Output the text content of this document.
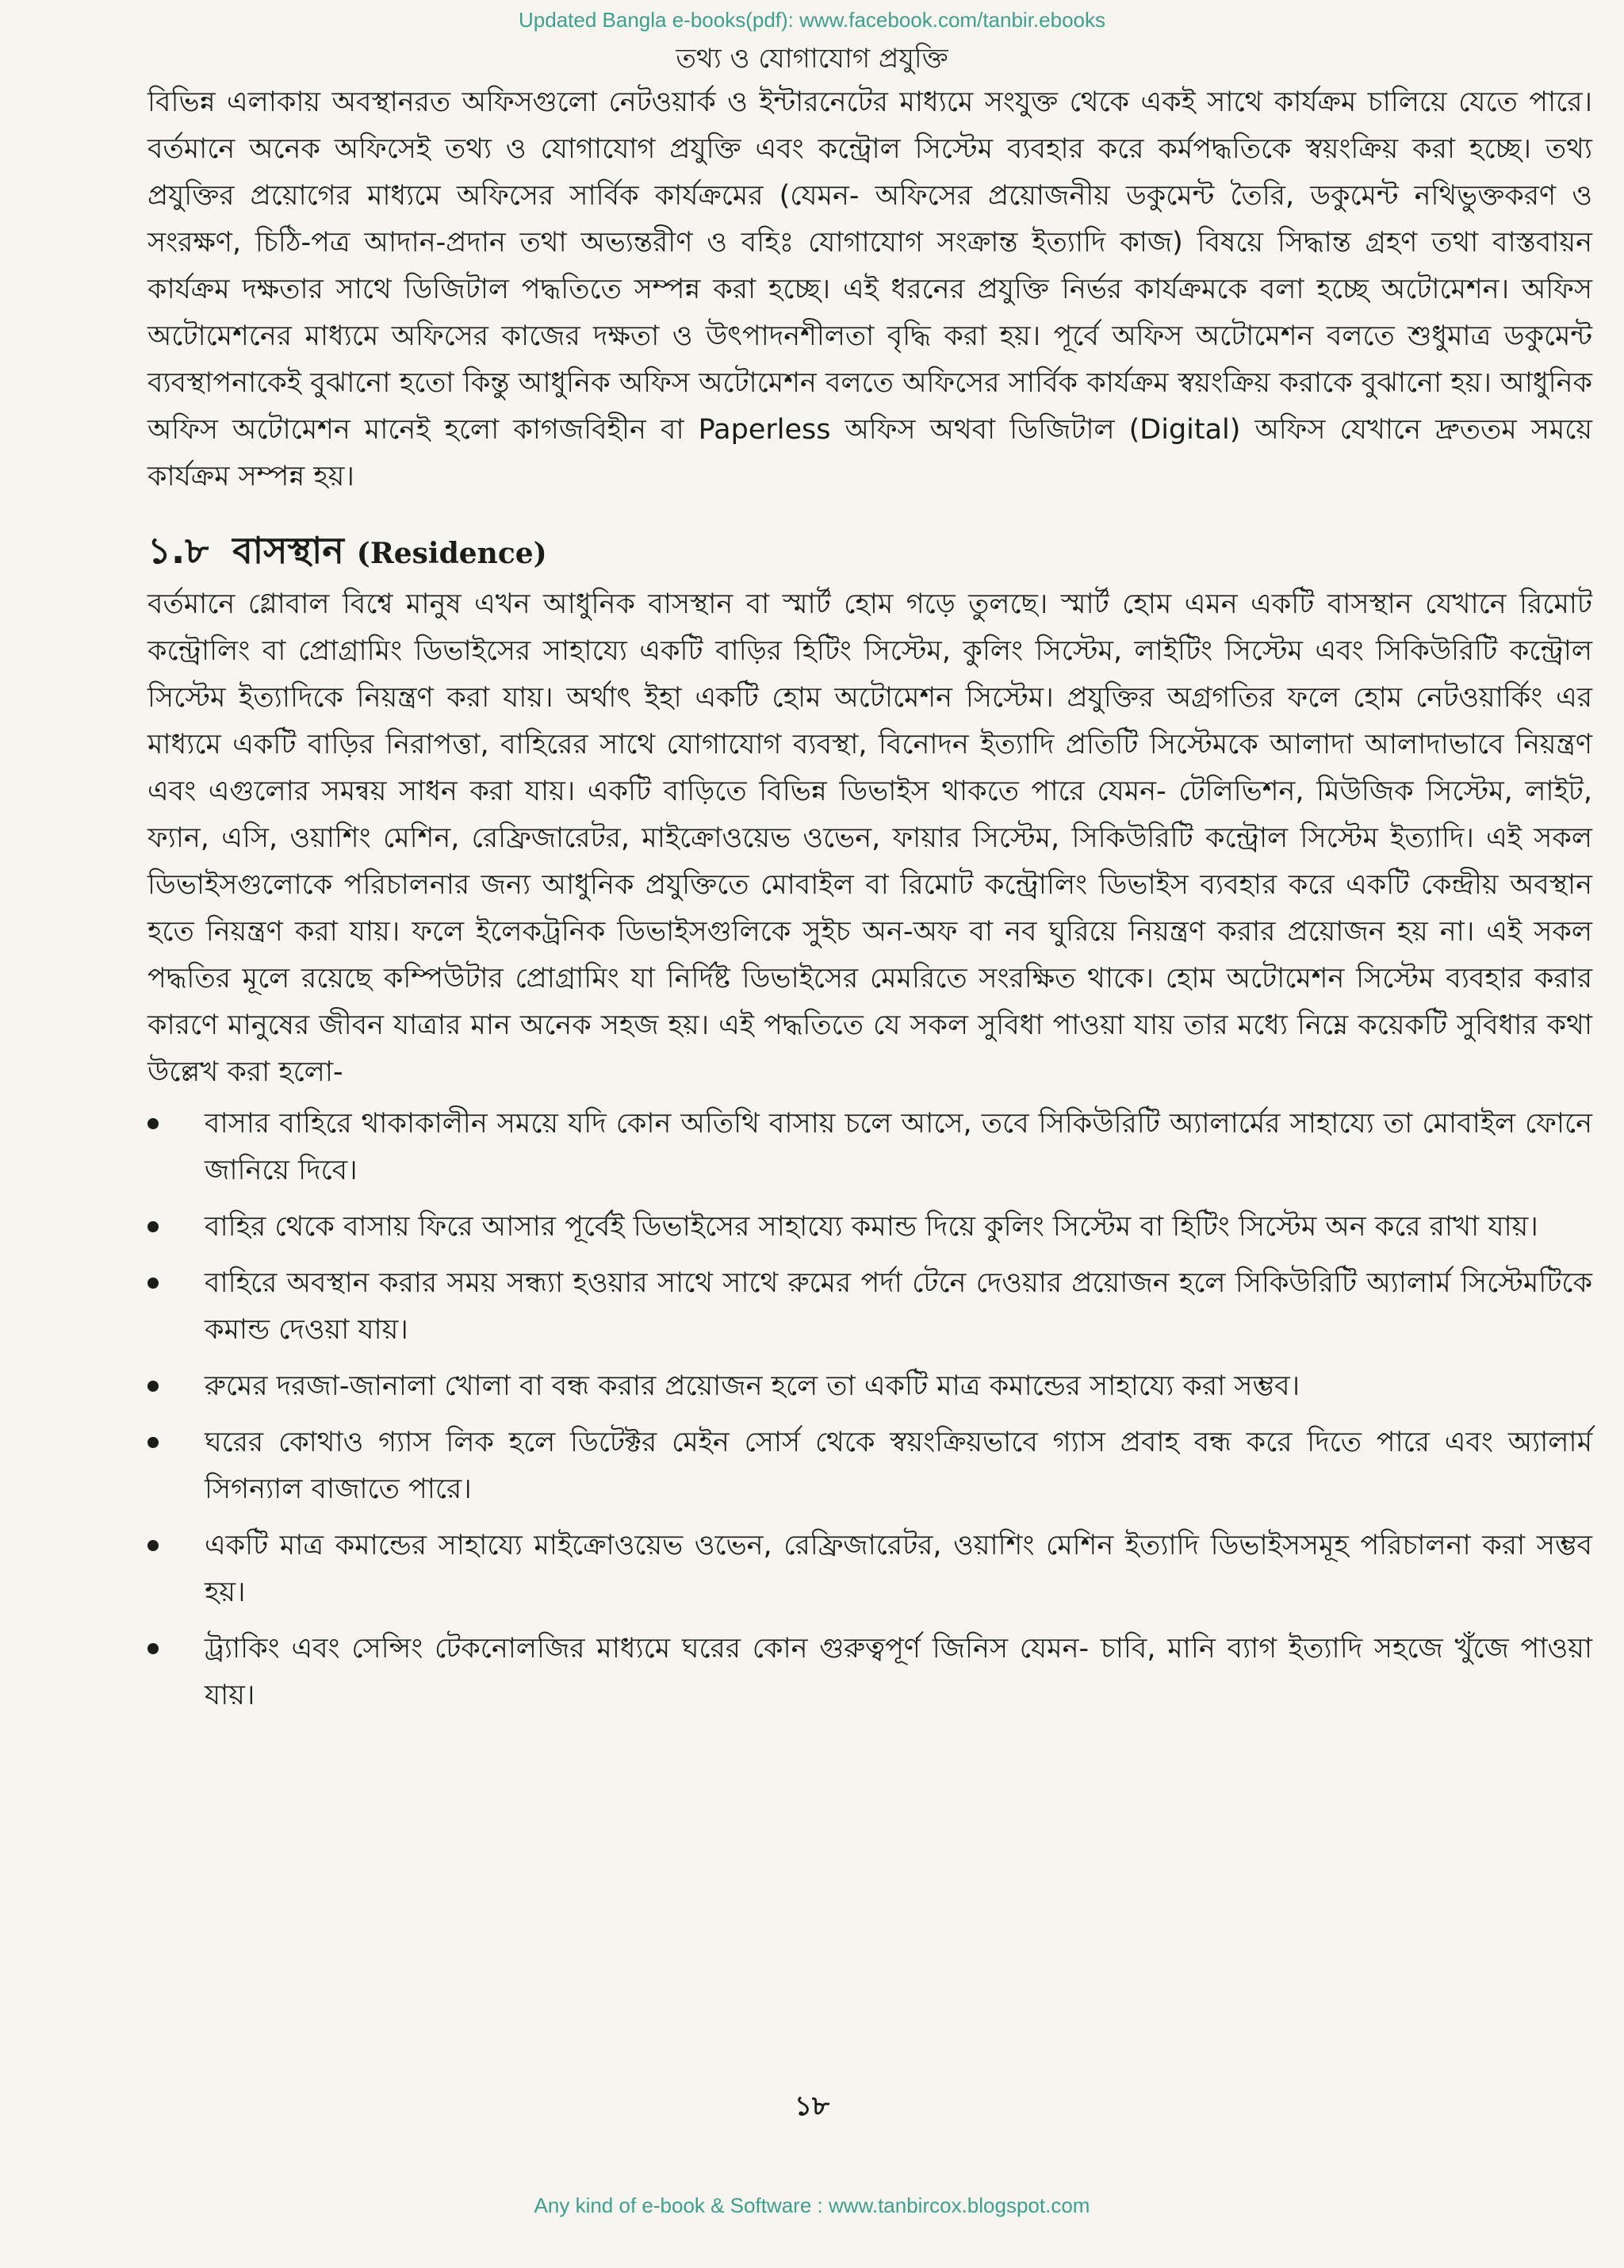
Updated Bangla e-books(pdf): www.facebook.com/tanbir.ebooks
তথ্য ও যোগাযোগ প্রযুক্তি

বিভিন্ন এলাকায় অবস্থানরত অফিসগুলো নেটওয়ার্ক ও ইন্টারনেটের মাধ্যমে সংযুক্ত থেকে একই সাথে কার্যক্রম চালিয়ে যেতে পারে। বর্তমানে অনেক অফিসেই তথ্য ও যোগাযোগ প্রযুক্তি এবং কন্ট্রোল সিস্টেম ব্যবহার করে কর্মপদ্ধতিকে স্বয়ংক্রিয় করা হচ্ছে। তথ্য প্রযুক্তির প্রয়োগের মাধ্যমে অফিসের সার্বিক কার্যক্রমের (যেমন- অফিসের প্রয়োজনীয় ডকুমেন্ট তৈরি, ডকুমেন্ট নথিভুক্তকরণ ও সংরক্ষণ, চিঠি-পত্র আদান-প্রদান তথা অভ্যন্তরীণ ও বহিঃ যোগাযোগ সংক্রান্ত ইত্যাদি কাজ) বিষয়ে সিদ্ধান্ত গ্রহণ তথা বাস্তবায়ন কার্যক্রম দক্ষতার সাথে ডিজিটাল পদ্ধতিতে সম্পন্ন করা হচ্ছে। এই ধরনের প্রযুক্তি নির্ভর কার্যক্রমকে বলা হচ্ছে অটোমেশন। অফিস অটোমেশনের মাধ্যমে অফিসের কাজের দক্ষতা ও উৎপাদনশীলতা বৃদ্ধি করা হয়। পূর্বে অফিস অটোমেশন বলতে শুধুমাত্র ডকুমেন্ট ব্যবস্থাপনাকেই বুঝানো হতো কিন্তু আধুনিক অফিস অটোমেশন বলতে অফিসের সার্বিক কার্যক্রম স্বয়ংক্রিয় করাকে বুঝানো হয়। আধুনিক অফিস অটোমেশন মানেই হলো কাগজবিহীন বা Paperless অফিস অথবা ডিজিটাল (Digital) অফিস যেখানে দ্রুততম সময়ে কার্যক্রম সম্পন্ন হয়।

১.৮ বাসস্থান (Residence)

বর্তমানে গ্লোবাল বিশ্বে মানুষ এখন আধুনিক বাসস্থান বা স্মার্ট হোম গড়ে তুলছে। স্মার্ট হোম এমন একটি বাসস্থান যেখানে রিমোট কন্ট্রোলিং বা প্রোগ্রামিং ডিভাইসের সাহায্যে একটি বাড়ির হিটিং সিস্টেম, কুলিং সিস্টেম, লাইটিং সিস্টেম এবং সিকিউরিটি কন্ট্রোল সিস্টেম ইত্যাদিকে নিয়ন্ত্রণ করা যায়। অর্থাৎ ইহা একটি হোম অটোমেশন সিস্টেম। প্রযুক্তির অগ্রগতির ফলে হোম নেটওয়ার্কিং এর মাধ্যমে একটি বাড়ির নিরাপত্তা, বাহিরের সাথে যোগাযোগ ব্যবস্থা, বিনোদন ইত্যাদি প্রতিটি সিস্টেমকে আলাদা আলাদাভাবে নিয়ন্ত্রণ এবং এগুলোর সমন্বয় সাধন করা যায়। একটি বাড়িতে বিভিন্ন ডিভাইস থাকতে পারে যেমন- টেলিভিশন, মিউজিক সিস্টেম, লাইট, ফ্যান, এসি, ওয়াশিং মেশিন, রেফ্রিজারেটর, মাইক্রোওয়েভ ওভেন, ফায়ার সিস্টেম, সিকিউরিটি কন্ট্রোল সিস্টেম ইত্যাদি। এই সকল ডিভাইসগুলোকে পরিচালনার জন্য আধুনিক প্রযুক্তিতে মোবাইল বা রিমোট কন্ট্রোলিং ডিভাইস ব্যবহার করে একটি কেন্দ্রীয় অবস্থান হতে নিয়ন্ত্রণ করা যায়। ফলে ইলেকট্রনিক ডিভাইসগুলিকে সুইচ অন-অফ বা নব ঘুরিয়ে নিয়ন্ত্রণ করার প্রয়োজন হয় না। এই সকল পদ্ধতির মূলে রয়েছে কম্পিউটার প্রোগ্রামিং যা নির্দিষ্ট ডিভাইসের মেমরিতে সংরক্ষিত থাকে। হোম অটোমেশন সিস্টেম ব্যবহার করার কারণে মানুষের জীবন যাত্রার মান অনেক সহজ হয়। এই পদ্ধতিতে যে সকল সুবিধা পাওয়া যায় তার মধ্যে নিম্নে কয়েকটি সুবিধার কথা উল্লেখ করা হলো-

বাসার বাহিরে থাকাকালীন সময়ে যদি কোন অতিথি বাসায় চলে আসে, তবে সিকিউরিটি অ্যালার্মের সাহায্যে তা মোবাইল ফোনে জানিয়ে দিবে।
বাহির থেকে বাসায় ফিরে আসার পূর্বেই ডিভাইসের সাহায্যে কমান্ড দিয়ে কুলিং সিস্টেম বা হিটিং সিস্টেম অন করে রাখা যায়।
বাহিরে অবস্থান করার সময় সন্ধ্যা হওয়ার সাথে সাথে রুমের পর্দা টেনে দেওয়ার প্রয়োজন হলে সিকিউরিটি অ্যালার্ম সিস্টেমটিকে কমান্ড দেওয়া যায়।
রুমের দরজা-জানালা খোলা বা বন্ধ করার প্রয়োজন হলে তা একটি মাত্র কমান্ডের সাহায্যে করা সম্ভব।
ঘরের কোথাও গ্যাস লিক হলে ডিটেক্টর মেইন সোর্স থেকে স্বয়ংক্রিয়ভাবে গ্যাস প্রবাহ বন্ধ করে দিতে পারে এবং অ্যালার্ম সিগন্যাল বাজাতে পারে।
একটি মাত্র কমান্ডের সাহায্যে মাইক্রোওয়েভ ওভেন, রেফ্রিজারেটর, ওয়াশিং মেশিন ইত্যাদি ডিভাইসসমূহ পরিচালনা করা সম্ভব হয়।
ট্র্যাকিং এবং সেন্সিং টেকনোলজির মাধ্যমে ঘরের কোন গুরুত্বপূর্ণ জিনিস যেমন- চাবি, মানি ব্যাগ ইত্যাদি সহজে খুঁজে পাওয়া যায়।
১৮
Any kind of e-book & Software : www.tanbircox.blogspot.com
